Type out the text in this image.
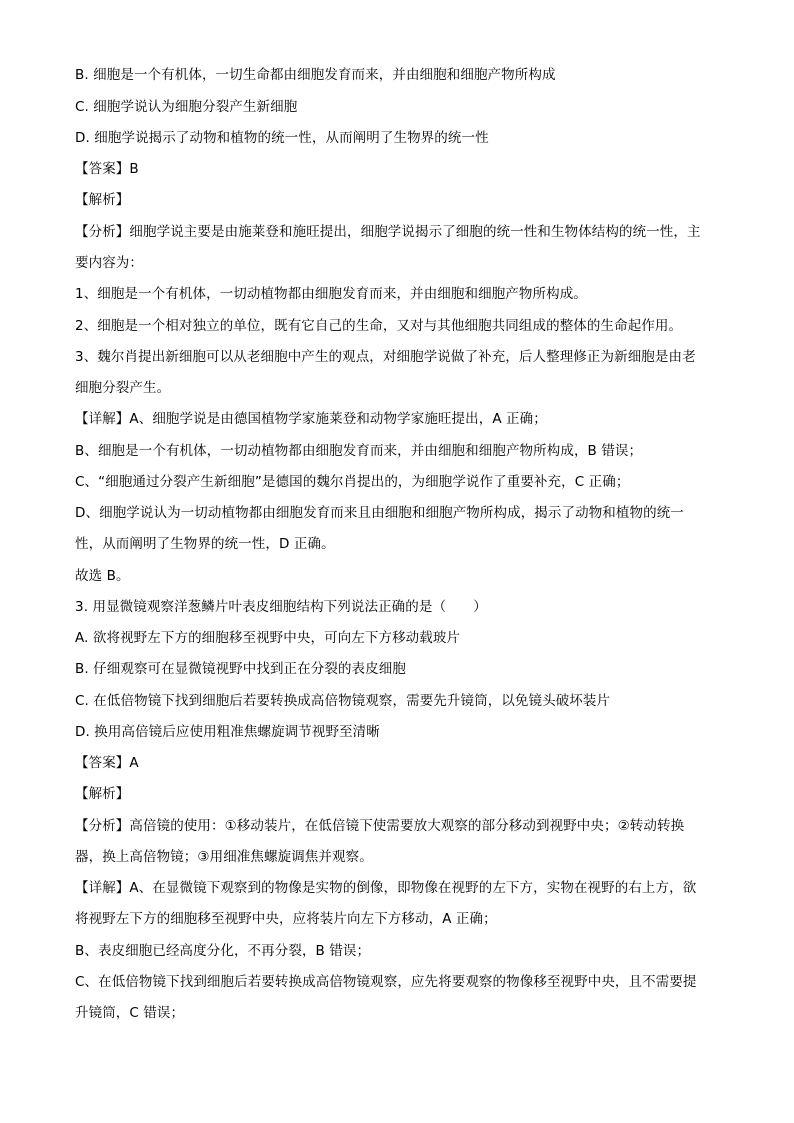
B. 细胞是一个有机体，一切生命都由细胞发育而来，并由细胞和细胞产物所构成
C. 细胞学说认为细胞分裂产生新细胞
D. 细胞学说揭示了动物和植物的统一性，从而阐明了生物界的统一性
【答案】B
【解析】
【分析】细胞学说主要是由施莱登和施旺提出，细胞学说揭示了细胞的统一性和生物体结构的统一性，主
要内容为：
1、细胞是一个有机体，一切动植物都由细胞发育而来，并由细胞和细胞产物所构成。
2、细胞是一个相对独立的单位，既有它自己的生命，又对与其他细胞共同组成的整体的生命起作用。
3、魏尔肖提出新细胞可以从老细胞中产生的观点，对细胞学说做了补充，后人整理修正为新细胞是由老
细胞分裂产生。
【详解】A、细胞学说是由德国植物学家施莱登和动物学家施旺提出，A 正确；
B、细胞是一个有机体，一切动植物都由细胞发育而来，并由细胞和细胞产物所构成，B 错误；
C、“细胞通过分裂产生新细胞”是德国的魏尔肖提出的，为细胞学说作了重要补充，C 正确；
D、细胞学说认为一切动植物都由细胞发育而来且由细胞和细胞产物所构成，揭示了动物和植物的统一
性，从而阐明了生物界的统一性，D 正确。
故选 B。
3. 用显微镜观察洋葱鳞片叶表皮细胞结构下列说法正确的是（　　）
A. 欲将视野左下方的细胞移至视野中央，可向左下方移动载玻片
B. 仔细观察可在显微镜视野中找到正在分裂的表皮细胞
C. 在低倍物镜下找到细胞后若要转换成高倍物镜观察，需要先升镜筒，以免镜头破坏装片
D. 换用高倍镜后应使用粗准焦螺旋调节视野至清晰
【答案】A
【解析】
【分析】高倍镜的使用：①移动装片，在低倍镜下使需要放大观察的部分移动到视野中央；②转动转换
器，换上高倍物镜；③用细准焦螺旋调焦并观察。
【详解】A、在显微镜下观察到的物像是实物的倒像，即物像在视野的左下方，实物在视野的右上方，欲
将视野左下方的细胞移至视野中央，应将装片向左下方移动，A 正确；
B、表皮细胞已经高度分化，不再分裂，B 错误；
C、在低倍物镜下找到细胞后若要转换成高倍物镜观察，应先将要观察的物像移至视野中央，且不需要提
升镜筒，C 错误；
